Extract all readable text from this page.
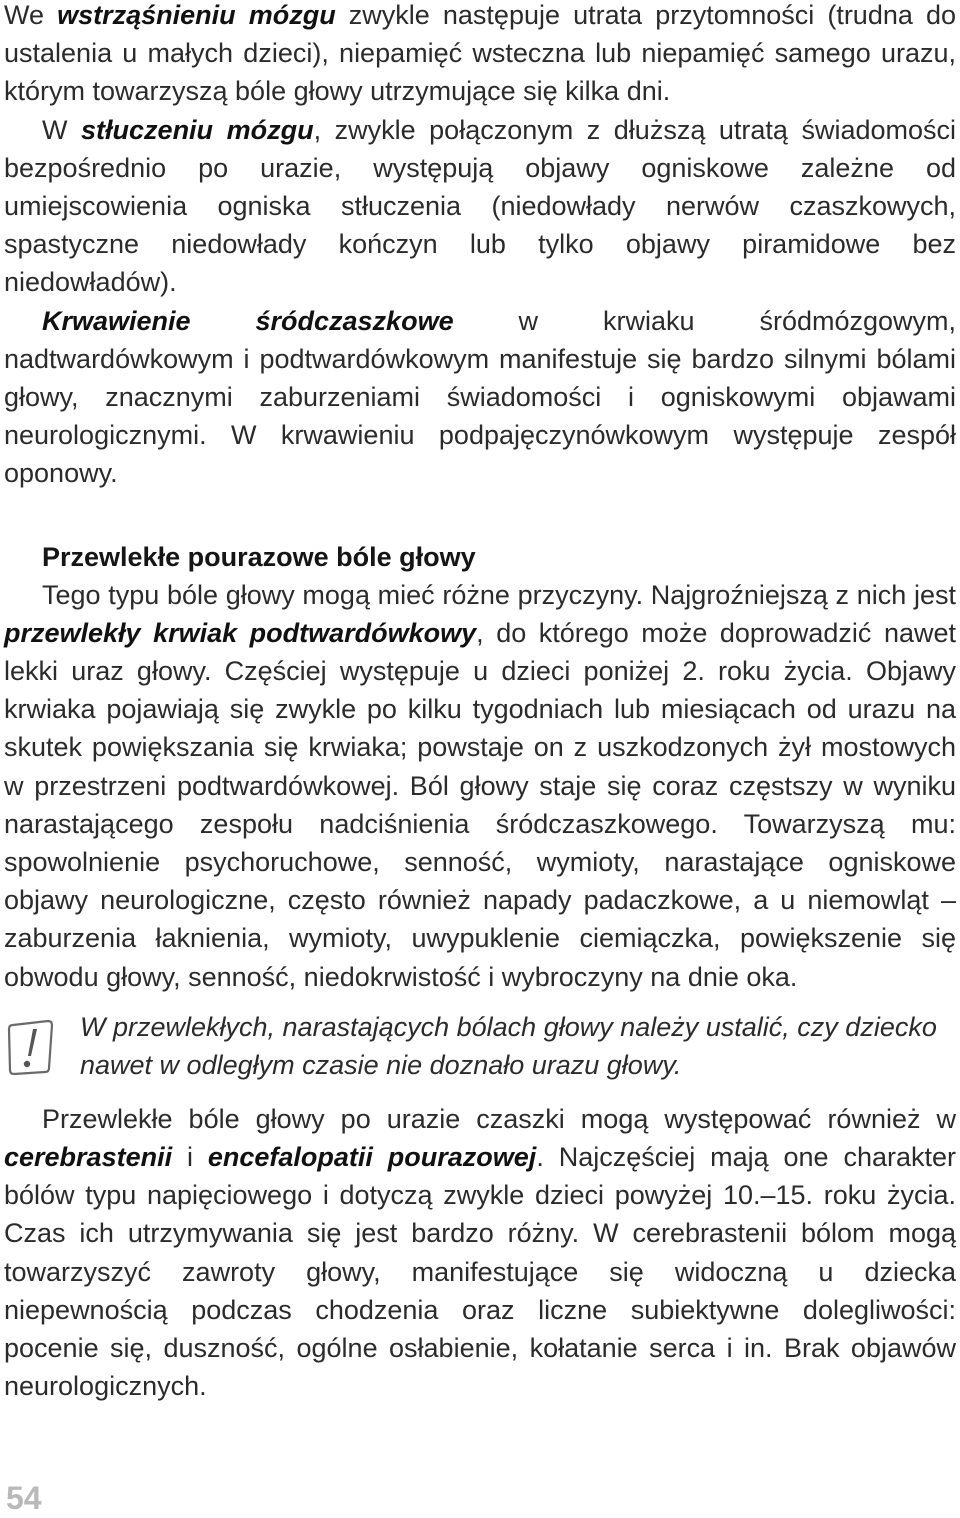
We wstrząśnieniu mózgu zwykle następuje utrata przytomności (trudna do ustalenia u małych dzieci), niepamięć wsteczna lub niepamięć samego urazu, którym towarzyszą bóle głowy utrzymujące się kilka dni.

W stłuczeniu mózgu, zwykle połączonym z dłuższą utratą świadomości bezpośrednio po urazie, występują objawy ogniskowe zależne od umiejscowienia ogniska stłuczenia (niedowłady nerwów czaszkowych, spastyczne niedowłady kończyn lub tylko objawy piramidowe bez niedowładów).

Krwawienie śródczaszkowe w krwiaku śródmózgowym, nadtwardówkowym i podtwardówkowym manifestuje się bardzo silnymi bólami głowy, znacznymi zaburzeniami świadomości i ogniskowymi objawami neurologicznymi. W krwawieniu podpajęczynówkowym występuje zespół oponowy.

Przewlekłe pourazowe bóle głowy

Tego typu bóle głowy mogą mieć różne przyczyny. Najgroźniejszą z nich jest przewlekły krwiak podtwardówkowy, do którego może doprowadzić nawet lekki uraz głowy. Częściej występuje u dzieci poniżej 2. roku życia. Objawy krwiaka pojawiają się zwykle po kilku tygodniach lub miesiącach od urazu na skutek powiększania się krwiaka; powstaje on z uszkodzonych żył mostowych w przestrzeni podtwardówkowej. Ból głowy staje się coraz częstszy w wyniku narastającego zespołu nadciśnienia śródczaszkowego. Towarzyszą mu: spowolnienie psychoruchowe, senność, wymioty, narastające ogniskowe objawy neurologiczne, często również napady padaczkowe, a u niemowląt – zaburzenia łaknienia, wymioty, uwypuklenie ciemiączka, powiększenie się obwodu głowy, senność, niedokrwistość i wybroczyny na dnie oka.

W przewlekłych, narastających bólach głowy należy ustalić, czy dziecko
nawet w odległym czasie nie doznało urazu głowy.

Przewlekłe bóle głowy po urazie czaszki mogą występować również w cerebrastenii i encefalopatii pourazowej. Najczęściej mają one charakter bólów typu napięciowego i dotyczą zwykle dzieci powyżej 10.–15. roku życia. Czas ich utrzymywania się jest bardzo różny. W cerebrastenii bólom mogą towarzyszyć zawroty głowy, manifestujące się widoczną u dziecka niepewnością podczas chodzenia oraz liczne subiektywne dolegliwości: pocenie się, duszność, ogólne osłabienie, kołatanie serca i in. Brak objawów neurologicznych.

54
